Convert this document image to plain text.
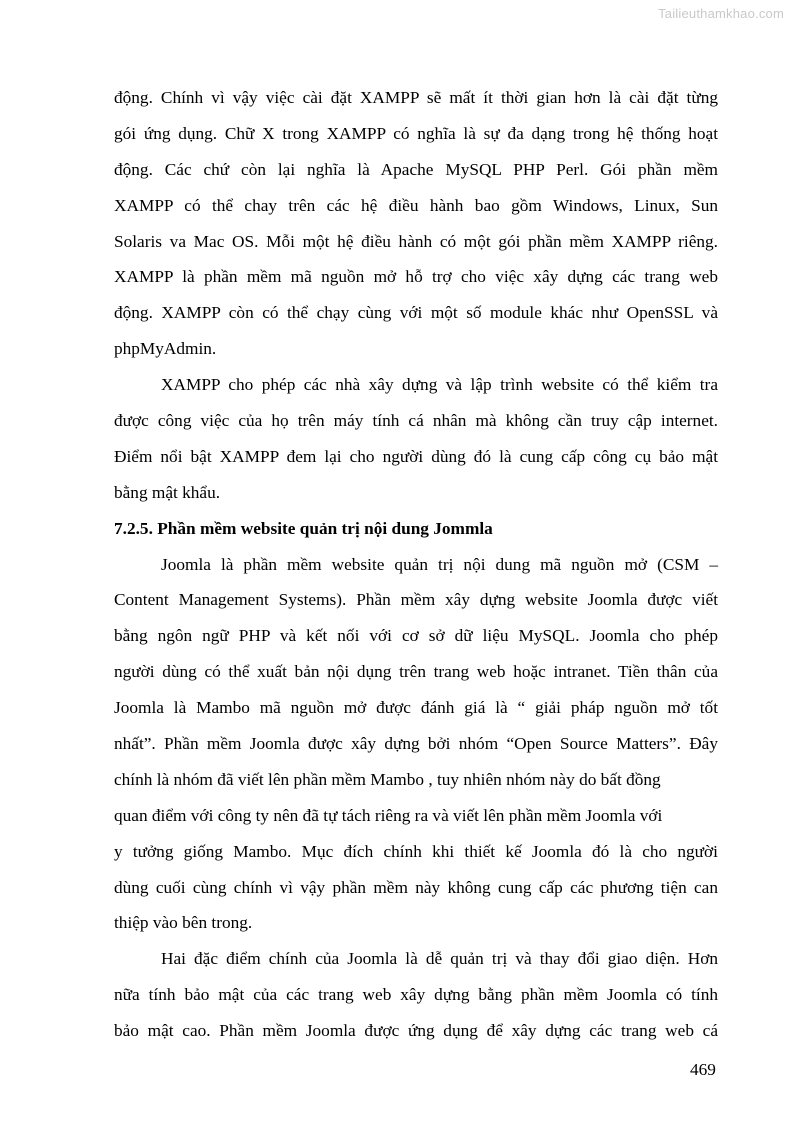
Tailieuthamkhao.com
động. Chính vì vậy việc cài đặt XAMPP sẽ mất ít thời gian hơn là cài đặt từng
gói ứng dụng. Chữ X trong XAMPP có nghĩa là sự đa dạng trong hệ thống hoạt
động. Các chứ còn lại nghĩa là Apache MySQL PHP Perl. Gói phần mềm
XAMPP có thể chay trên các hệ điều hành bao gồm Windows, Linux, Sun
Solaris va Mac OS. Mỗi một hệ điều hành có một gói phần mềm XAMPP riêng.
XAMPP là phần mềm mã nguồn mở hỗ trợ cho việc xây dựng các trang web
động. XAMPP còn có thể chạy cùng với một số module khác như OpenSSL và
phpMyAdmin.
XAMPP cho phép các nhà xây dựng và lập trình website có thể kiểm tra
được công việc của họ trên máy tính cá nhân mà không cần truy cập internet.
Điểm nổi bật XAMPP đem lại cho người dùng đó là cung cấp công cụ bảo mật
bằng mật khẩu.
7.2.5. Phần mềm website quản trị nội dung Jommla
Joomla là phần mềm website quản trị nội dung mã nguồn mở (CSM –
Content Management Systems). Phần mềm xây dựng website Joomla được viết
bằng ngôn ngữ PHP và kết nối với cơ sở dữ liệu MySQL. Joomla cho phép
người dùng có thể xuất bản nội dụng trên trang web hoặc intranet. Tiền thân của
Joomla là Mambo mã nguồn mở được đánh giá là “ giải pháp nguồn mở tốt
nhất”. Phần mềm Joomla được xây dựng bởi nhóm “Open Source Matters”. Đây
chính là nhóm đã viết lên phần mềm Mambo , tuy nhiên nhóm này do bất đồng
quan điểm với công ty nên đã tự tách riêng ra và viết lên phần mềm Joomla với
y tưởng giống Mambo. Mục đích chính khi thiết kế Joomla đó là cho người
dùng cuối cùng chính vì vậy phần mềm này không cung cấp các phương tiện can
thiệp vào bên trong.
Hai đặc điểm chính của Joomla là dễ quản trị và thay đổi giao diện. Hơn
nữa tính bảo mật của các trang web xây dựng bằng phần mềm Joomla có tính
bảo mật cao. Phần mềm Joomla được ứng dụng để xây dựng các trang web cá
469
